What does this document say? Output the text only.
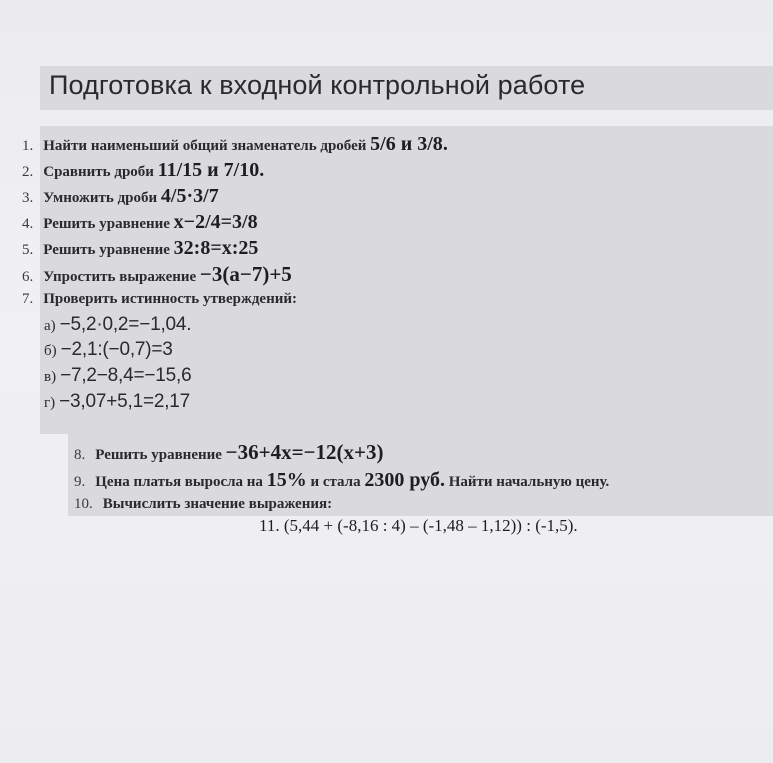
Подготовка к входной контрольной работе
1. Найти наименьший общий знаменатель дробей 5/6 и 3/8.
2. Сравнить дроби 11/15 и 7/10.
3. Умножить дроби 4/5·3/7
4. Решить уравнение x−2/4=3/8
5. Решить уравнение 32:8=x:25
6. Упростить выражение −3(a−7)+5
7. Проверить истинность утверждений:
а) −5,2·0,2=−1,04.
б) −2,1:(−0,7)=3
в) −7,2−8,4=−15,6
г) −3,07+5,1=2,17
8. Решить уравнение −36+4x=−12(x+3)
9. Цена платья выросла на 15% и стала 2300 руб. Найти начальную цену.
10. Вычислить значение выражения:
11. (5,44 + (-8,16 : 4) – (-1,48 – 1,12)) : (-1,5).
